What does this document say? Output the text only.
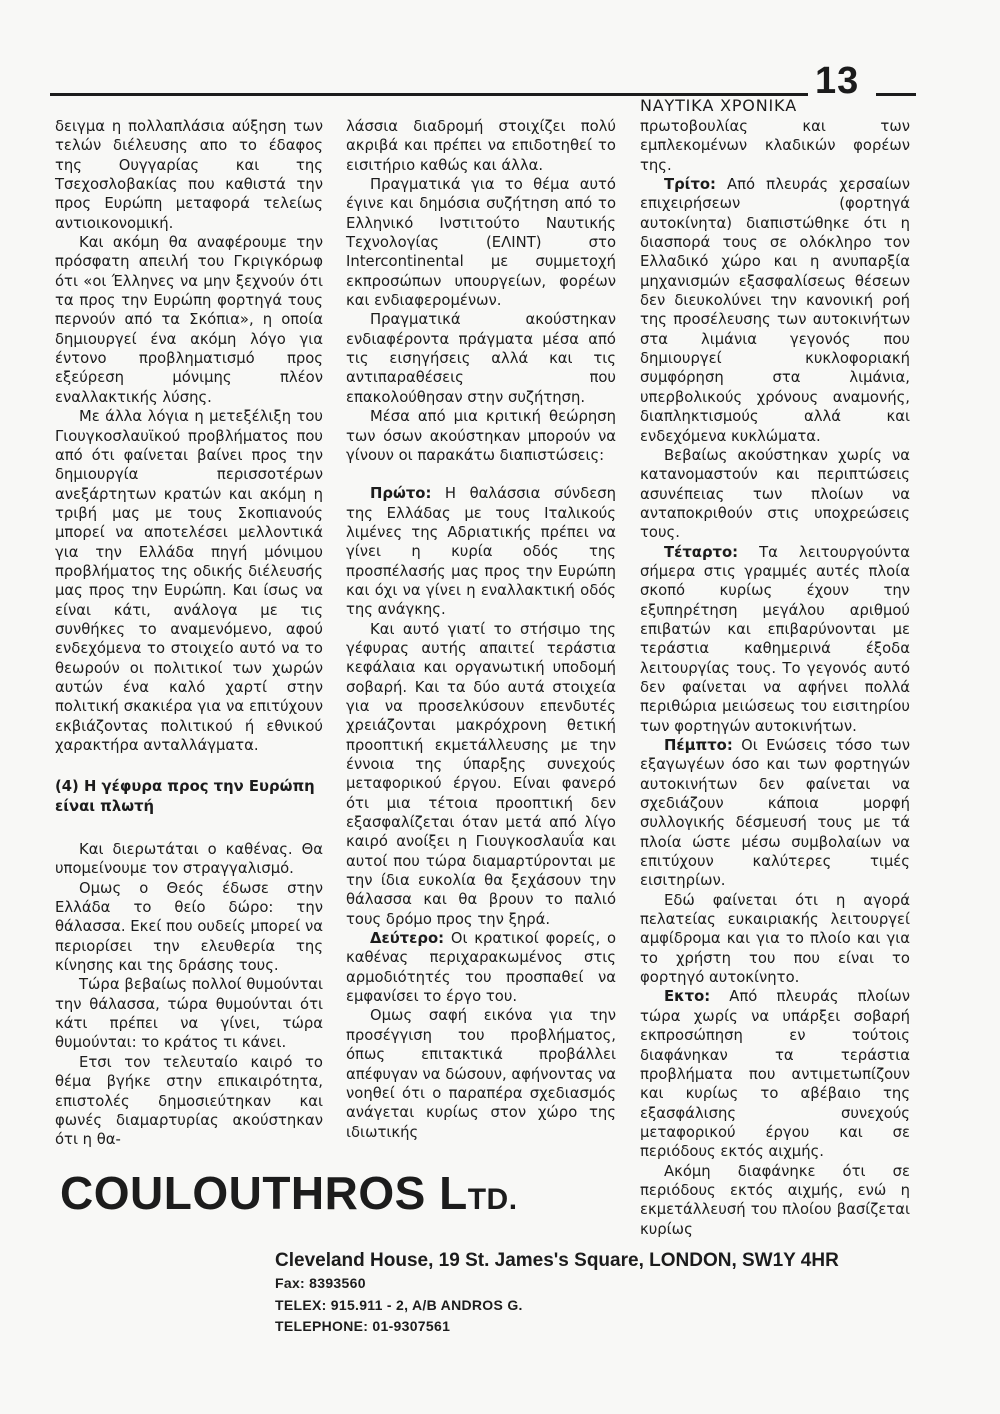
ΝΑΥΤΙΚΑ ΧΡΟΝΙΚΑ
13

δειγμα η πολλαπλάσια αύξηση των τελών διέλευσης απο το έδαφος της Ουγγαρίας και της Τσεχοσλοβακίας που καθιστά την προς Ευρώπη μεταφορά τελείως αντιοικονομική.

Και ακόμη θα αναφέρουμε την πρόσφατη απειλή του Γκριγκόρωφ ότι «οι Έλληνες να μην ξεχνούν ότι τα προς την Ευρώπη φορτηγά τους περνούν από τα Σκόπια», η οποία δημιουργεί ένα ακόμη λόγο για έντονο προβληματισμό προς εξεύρεση μόνιμης πλέον εναλλακτικής λύσης.

Με άλλα λόγια η μετεξέλιξη του Γιουγκοσλαυϊκού προβλήματος που από ότι φαίνεται βαίνει προς την δημιουργία περισσοτέρων ανεξάρτητων κρατών και ακόμη η τριβή μας με τους Σκοπιανούς μπορεί να αποτελέσει μελλοντικά για την Ελλάδα πηγή μόνιμου προβλήματος της οδικής διέλευσής μας προς την Ευρώπη. Και ίσως να είναι κάτι, ανάλογα με τις συνθήκες το αναμενόμενο, αφού ενδεχόμενα το στοιχείο αυτό να το θεωρούν οι πολιτικοί των χωρών αυτών ένα καλό χαρτί στην πολιτική σκακιέρα για να επιτύχουν εκβιάζοντας πολιτικού ή εθνικού χαρακτήρα ανταλλάγματα.

(4) Η γέφυρα προς την Ευρώπη είναι πλωτή

Και διερωτάται ο καθένας. Θα υπομείνουμε τον στραγγαλισμό.

Ομως ο Θεός έδωσε στην Ελλάδα το θείο δώρο: την θάλασσα. Εκεί που ουδείς μπορεί να περιορίσει την ελευθερία της κίνησης και της δράσης τους.

Τώρα βεβαίως πολλοί θυμούνται την θάλασσα, τώρα θυμούνται ότι κάτι πρέπει να γίνει, τώρα θυμούνται: το κράτος τι κάνει.

Ετσι τον τελευταίο καιρό το θέμα βγήκε στην επικαιρότητα, επιστολές δημοσιεύτηκαν και φωνές διαμαρτυρίας ακούστηκαν ότι η θα-

λάσσια διαδρομή στοιχίζει πολύ ακριβά και πρέπει να επιδοτηθεί το εισιτήριο καθώς και άλλα.

Πραγματικά για το θέμα αυτό έγινε και δημόσια συζήτηση από το Ελληνικό Ινστιτούτο Ναυτικής Τεχνολογίας (ΕΛΙΝΤ) στο Intercontinental με συμμετοχή εκπροσώπων υπουργείων, φορέων και ενδιαφερομένων.

Πραγματικά ακούστηκαν ενδιαφέροντα πράγματα μέσα από τις εισηγήσεις αλλά και τις αντιπαραθέσεις που επακολούθησαν στην συζήτηση.

Μέσα από μια κριτική θεώρηση των όσων ακούστηκαν μπορούν να γίνουν οι παρακάτω διαπιστώσεις:

Πρώτο: Η θαλάσσια σύνδεση της Ελλάδας με τους Ιταλικούς λιμένες της Αδριατικής πρέπει να γίνει η κυρία οδός της προσπέλασής μας προς την Ευρώπη και όχι να γίνει η εναλλακτική οδός της ανάγκης.

Και αυτό γιατί το στήσιμο της γέφυρας αυτής απαιτεί τεράστια κεφάλαια και οργανωτική υποδομή σοβαρή. Και τα δύο αυτά στοιχεία για να προσελκύσουν επενδυτές χρειάζονται μακρόχρονη θετική προοπτική εκμετάλλευσης με την έννοια της ύπαρξης συνεχούς μεταφορικού έργου. Είναι φανερό ότι μια τέτοια προοπτική δεν εξασφαλίζεται όταν μετά από λίγο καιρό ανοίξει η Γιουγκοσλαυΐα και αυτοί που τώρα διαμαρτύρονται με την ίδια ευκολία θα ξεχάσουν την θάλασσα και θα βρουν το παλιό τους δρόμο προς την ξηρά.

Δεύτερο: Οι κρατικοί φορείς, ο καθένας περιχαρακωμένος στις αρμοδιότητές του προσπαθεί να εμφανίσει το έργο του.

Ομως σαφή εικόνα για την προσέγγιση του προβλήματος, όπως επιτακτικά προβάλλει απέφυγαν να δώσουν, αφήνοντας να νοηθεί ότι ο παραπέρα σχεδιασμός ανάγεται κυρίως στον χώρο της ιδιωτικής

πρωτοβουλίας και των εμπλεκομένων κλαδικών φορέων της.

Τρίτο: Από πλευράς χερσαίων επιχειρήσεων (φορτηγά αυτοκίνητα) διαπιστώθηκε ότι η διασπορά τους σε ολόκληρο τον Ελλαδικό χώρο και η ανυπαρξία μηχανισμών εξασφαλίσεως θέσεων δεν διευκολύνει την κανονική ροή της προσέλευσης των αυτοκινήτων στα λιμάνια γεγονός που δημιουργεί κυκλοφοριακή συμφόρηση στα λιμάνια, υπερβολικούς χρόνους αναμονής, διαπληκτισμούς αλλά και ενδεχόμενα κυκλώματα.

Βεβαίως ακούστηκαν χωρίς να κατανομαστούν και περιπτώσεις ασυνέπειας των πλοίων να ανταποκριθούν στις υποχρεώσεις τους.

Τέταρτο: Τα λειτουργούντα σήμερα στις γραμμές αυτές πλοία σκοπό κυρίως έχουν την εξυπηρέτηση μεγάλου αριθμού επιβατών και επιβαρύνονται με τεράστια καθημερινά έξοδα λειτουργίας τους. Το γεγονός αυτό δεν φαίνεται να αφήνει πολλά περιθώρια μειώσεως του εισιτηρίου των φορτηγών αυτοκινήτων.

Πέμπτο: Οι Ενώσεις τόσο των εξαγωγέων όσο και των φορτηγών αυτοκινήτων δεν φαίνεται να σχεδιάζουν κάποια μορφή συλλογικής δέσμευσή τους με τά πλοία ώστε μέσω συμβολαίων να επιτύχουν καλύτερες τιμές εισιτηρίων.

Εδώ φαίνεται ότι η αγορά πελατείας ευκαιριακής λειτουργεί αμφίδρομα και για το πλοίο και για το χρήστη του που είναι το φορτηγό αυτοκίνητο.

Εκτο: Από πλευράς πλοίων τώρα χωρίς να υπάρξει σοβαρή εκπροσώπηση εν τούτοις διαφάνηκαν τα τεράστια προβλήματα που αντιμετωπίζουν και κυρίως το αβέβαιο της εξασφάλισης συνεχούς μεταφορικού έργου και σε περιόδους εκτός αιχμής.

Ακόμη διαφάνηκε ότι σε περιόδους εκτός αιχμής, ενώ η εκμετάλλευσή του πλοίου βασίζεται κυρίως

COULOUTHROS LTD.
Cleveland House, 19 St. James's Square, LONDON, SW1Y 4HR
Fax: 8393560
TELEX: 915.911 - 2, A/B ANDROS G.
TELEPHONE: 01-9307561
